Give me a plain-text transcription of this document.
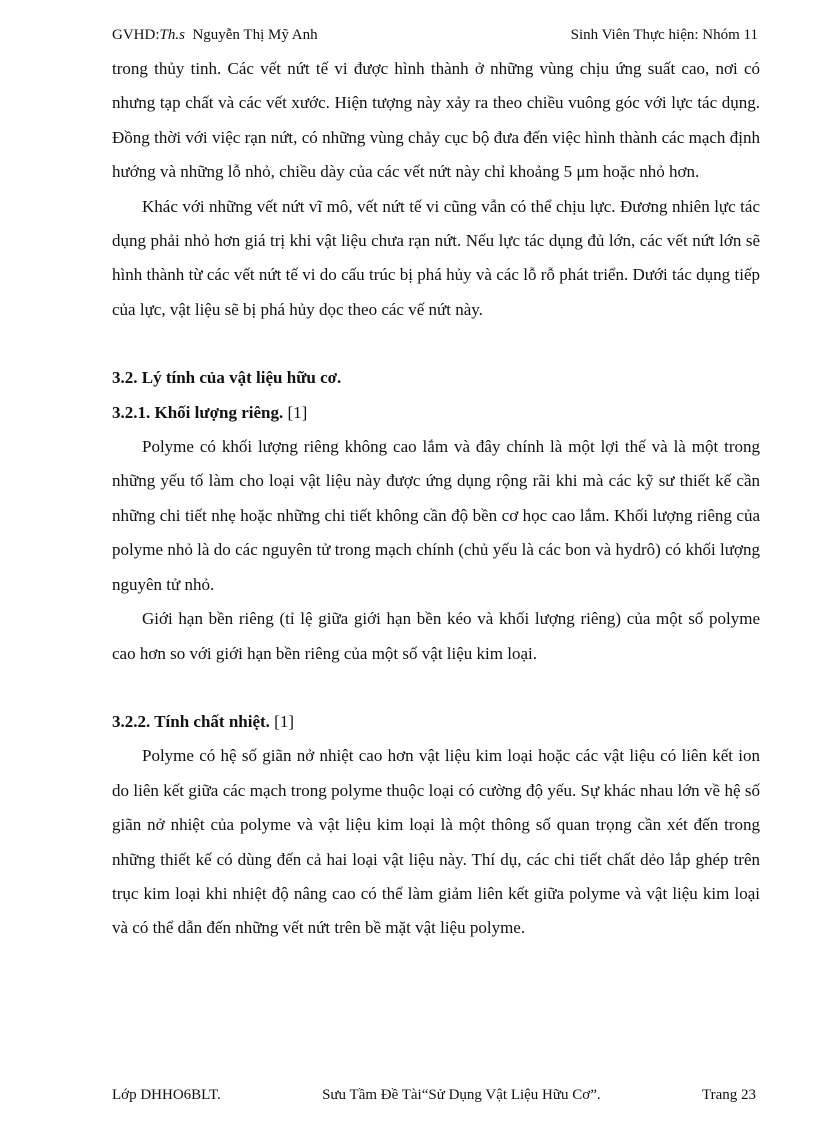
GVHD:Th.s Nguyễn Thị Mỹ Anh	Sinh Viên Thực hiện: Nhóm 11

trong thủy tinh. Các vết nứt tế vi được hình thành ở những vùng chịu ứng suất cao, nơi có nhưng tạp chất và các vết xước. Hiện tượng này xảy ra theo chiều vuông góc với lực tác dụng. Đồng thời với việc rạn nứt, có những vùng chảy cục bộ đưa đến việc hình thành các mạch định hướng và những lỗ nhỏ, chiều dày của các vết nứt này chỉ khoảng 5 μm hoặc nhỏ hơn.

Khác với những vết nứt vĩ mô, vết nứt tế vi cũng vẫn có thể chịu lực. Đương nhiên lực tác dụng phải nhỏ hơn giá trị khi vật liệu chưa rạn nứt. Nếu lực tác dụng đủ lớn, các vết nứt lớn sẽ hình thành từ các vết nứt tế vi do cấu trúc bị phá hủy và các lỗ rỗ phát triển. Dưới tác dụng tiếp của lực, vật liệu sẽ bị phá hủy dọc theo các vế nứt này.

3.2. Lý tính của vật liệu hữu cơ.
3.2.1. Khối lượng riêng. [1]

Polyme có khối lượng riêng không cao lắm và đây chính là một lợi thế và là một trong những yếu tố làm cho loại vật liệu này được ứng dụng rộng rãi khi mà các kỹ sư thiết kế cần những chi tiết nhẹ hoặc những chi tiết không cần độ bền cơ học cao lắm. Khối lượng riêng của polyme nhỏ là do các nguyên tử trong mạch chính (chủ yếu là các bon và hydrô) có khối lượng nguyên tử nhỏ.

Giới hạn bền riêng (tỉ lệ giữa giới hạn bền kéo và khối lượng riêng) của một số polyme cao hơn so với giới hạn bền riêng của một số vật liệu kim loại.

3.2.2. Tính chất nhiệt. [1]

Polyme có hệ số giãn nở nhiệt cao hơn vật liệu kim loại hoặc các vật liệu có liên kết ion do liên kết giữa các mạch trong polyme thuộc loại có cường độ yếu. Sự khác nhau lớn về hệ số giãn nở nhiệt của polyme và vật liệu kim loại là một thông số quan trọng cần xét đến trong những thiết kế có dùng đến cả hai loại vật liệu này. Thí dụ, các chi tiết chất dẻo lắp ghép trên trục kim loại khi nhiệt độ nâng cao có thể làm giảm liên kết giữa polyme và vật liệu kim loại và có thể dẫn đến những vết nứt trên bề mặt vật liệu polyme.

Lớp DHHO6BLT.	Sưu Tầm Đề Tài“Sử Dụng Vật Liệu Hữu Cơ”.	Trang 23
